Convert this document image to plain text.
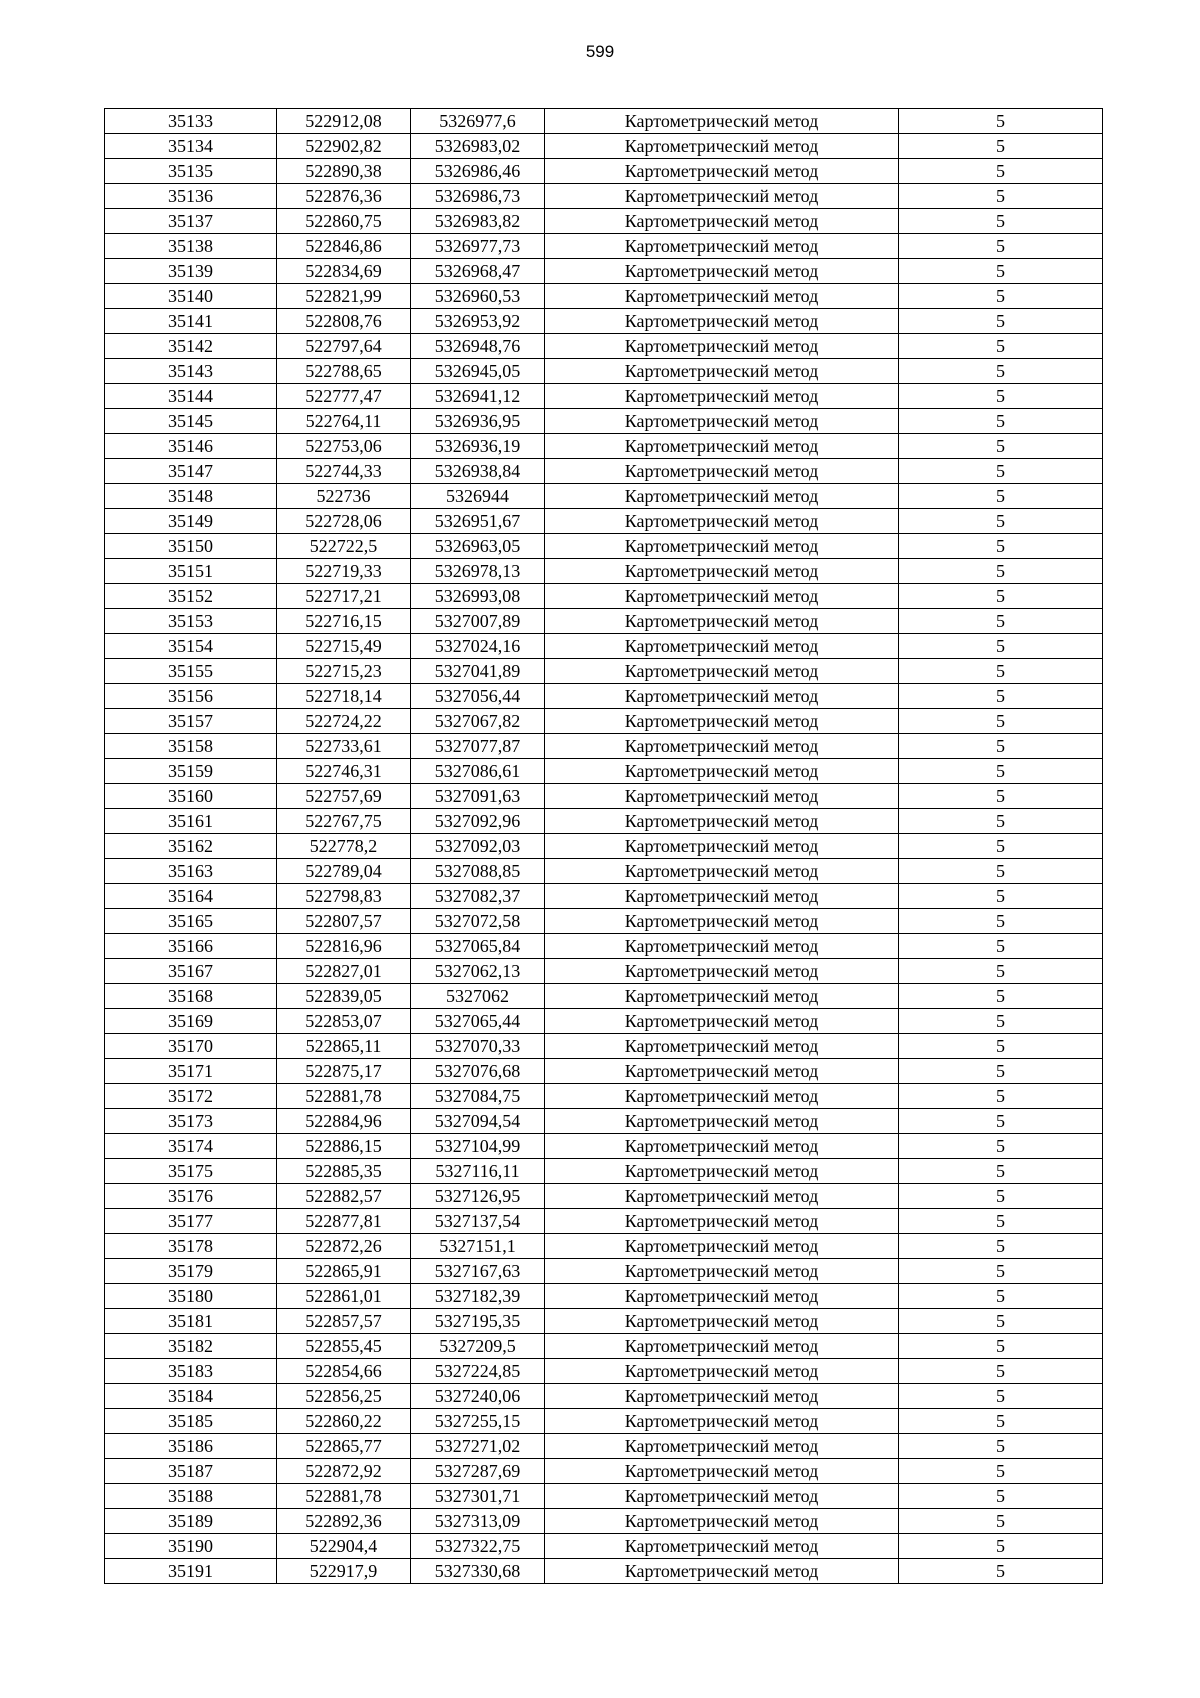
599
35133	522912,08	5326977,6	Картометрический метод	5
35134	522902,82	5326983,02	Картометрический метод	5
35135	522890,38	5326986,46	Картометрический метод	5
35136	522876,36	5326986,73	Картометрический метод	5
35137	522860,75	5326983,82	Картометрический метод	5
35138	522846,86	5326977,73	Картометрический метод	5
35139	522834,69	5326968,47	Картометрический метод	5
35140	522821,99	5326960,53	Картометрический метод	5
35141	522808,76	5326953,92	Картометрический метод	5
35142	522797,64	5326948,76	Картометрический метод	5
35143	522788,65	5326945,05	Картометрический метод	5
35144	522777,47	5326941,12	Картометрический метод	5
35145	522764,11	5326936,95	Картометрический метод	5
35146	522753,06	5326936,19	Картометрический метод	5
35147	522744,33	5326938,84	Картометрический метод	5
35148	522736	5326944	Картометрический метод	5
35149	522728,06	5326951,67	Картометрический метод	5
35150	522722,5	5326963,05	Картометрический метод	5
35151	522719,33	5326978,13	Картометрический метод	5
35152	522717,21	5326993,08	Картометрический метод	5
35153	522716,15	5327007,89	Картометрический метод	5
35154	522715,49	5327024,16	Картометрический метод	5
35155	522715,23	5327041,89	Картометрический метод	5
35156	522718,14	5327056,44	Картометрический метод	5
35157	522724,22	5327067,82	Картометрический метод	5
35158	522733,61	5327077,87	Картометрический метод	5
35159	522746,31	5327086,61	Картометрический метод	5
35160	522757,69	5327091,63	Картометрический метод	5
35161	522767,75	5327092,96	Картометрический метод	5
35162	522778,2	5327092,03	Картометрический метод	5
35163	522789,04	5327088,85	Картометрический метод	5
35164	522798,83	5327082,37	Картометрический метод	5
35165	522807,57	5327072,58	Картометрический метод	5
35166	522816,96	5327065,84	Картометрический метод	5
35167	522827,01	5327062,13	Картометрический метод	5
35168	522839,05	5327062	Картометрический метод	5
35169	522853,07	5327065,44	Картометрический метод	5
35170	522865,11	5327070,33	Картометрический метод	5
35171	522875,17	5327076,68	Картометрический метод	5
35172	522881,78	5327084,75	Картометрический метод	5
35173	522884,96	5327094,54	Картометрический метод	5
35174	522886,15	5327104,99	Картометрический метод	5
35175	522885,35	5327116,11	Картометрический метод	5
35176	522882,57	5327126,95	Картометрический метод	5
35177	522877,81	5327137,54	Картометрический метод	5
35178	522872,26	5327151,1	Картометрический метод	5
35179	522865,91	5327167,63	Картометрический метод	5
35180	522861,01	5327182,39	Картометрический метод	5
35181	522857,57	5327195,35	Картометрический метод	5
35182	522855,45	5327209,5	Картометрический метод	5
35183	522854,66	5327224,85	Картометрический метод	5
35184	522856,25	5327240,06	Картометрический метод	5
35185	522860,22	5327255,15	Картометрический метод	5
35186	522865,77	5327271,02	Картометрический метод	5
35187	522872,92	5327287,69	Картометрический метод	5
35188	522881,78	5327301,71	Картометрический метод	5
35189	522892,36	5327313,09	Картометрический метод	5
35190	522904,4	5327322,75	Картометрический метод	5
35191	522917,9	5327330,68	Картометрический метод	5
